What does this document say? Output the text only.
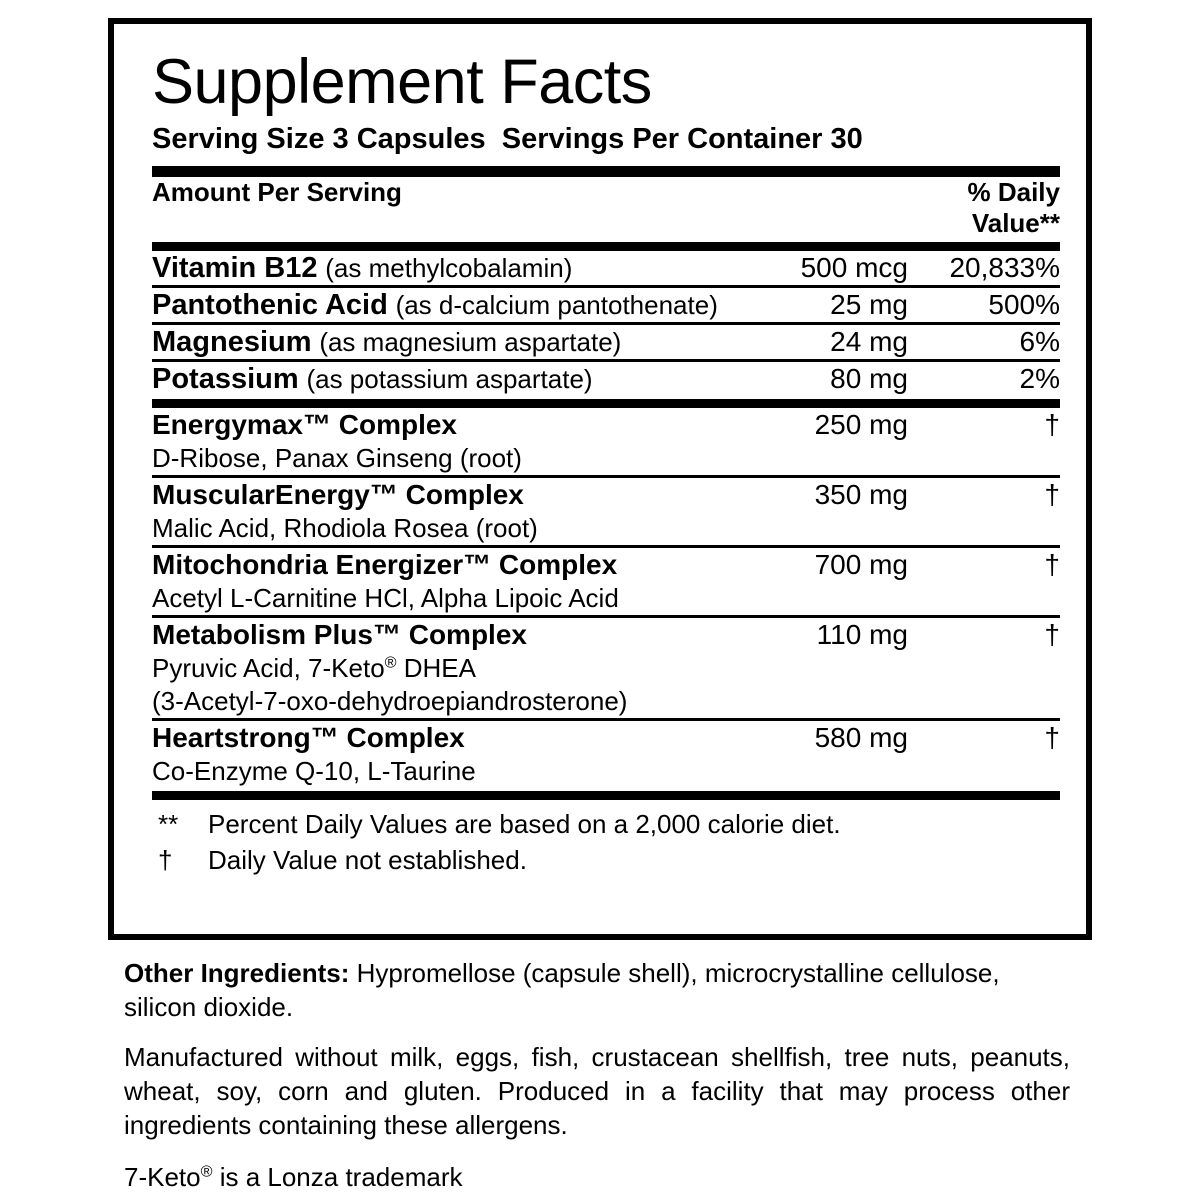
Supplement Facts
Serving Size 3 Capsules  Servings Per Container 30
Amount Per Serving		% Daily Value**

Vitamin B12 (as methylcobalamin)	500 mcg	20,833%

Pantothenic Acid (as d-calcium pantothenate)	25 mg	500%

Magnesium (as magnesium aspartate)	24 mg	6%

Potassium (as potassium aspartate)	80 mg	2%

Energymax™ Complex	250 mg	†
D-Ribose, Panax Ginseng (root)		

MuscularEnergy™ Complex	350 mg	†
Malic Acid, Rhodiola Rosea (root)		

Mitochondria Energizer™ Complex	700 mg	†
Acetyl L-Carnitine HCl, Alpha Lipoic Acid		

Metabolism Plus™ Complex	110 mg	†
Pyruvic Acid, 7-Keto® DHEA
(3-Acetyl-7-oxo-dehydroepiandrosterone)		

Heartstrong™ Complex	580 mg	†
Co-Enzyme Q-10, L-Taurine		

**	Percent Daily Values are based on a 2,000 calorie diet.
†	Daily Value not established.
Other Ingredients: Hypromellose (capsule shell), microcrystalline cellulose, silicon dioxide.
Manufactured without milk, eggs, fish, crustacean shellfish, tree nuts, peanuts, wheat, soy, corn and gluten. Produced in a facility that may process other ingredients containing these allergens.
7-Keto® is a Lonza trademark
